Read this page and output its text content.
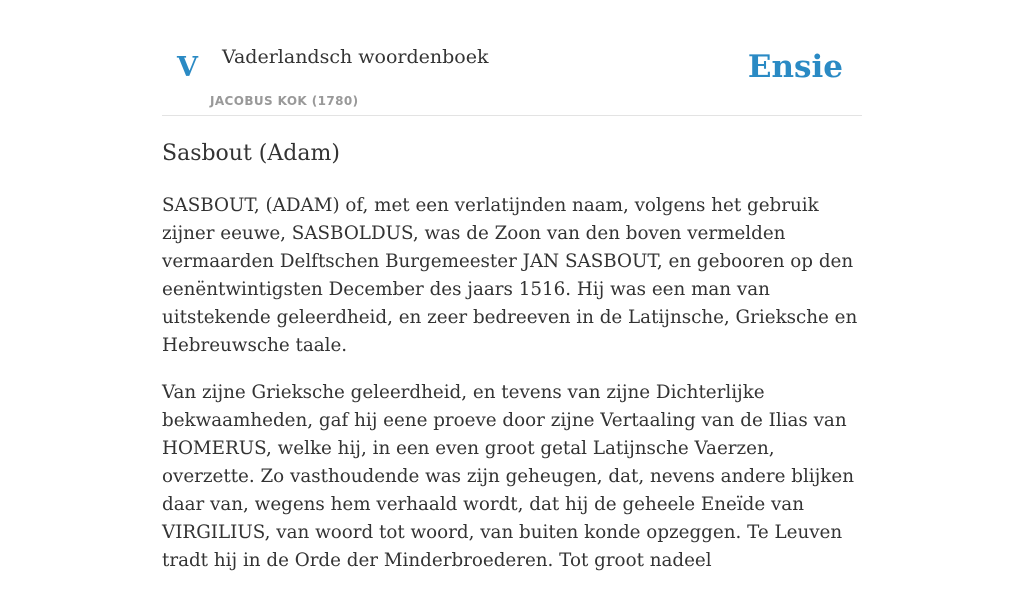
V Vaderlandsch woordenboek
JACOBUS KOK (1780)
Ensie
Sasbout (Adam)

SASBOUT, (ADAM) of, met een verlatijnden naam, volgens het gebruik zijner eeuwe, SASBOLDUS, was de Zoon van den boven vermelden vermaarden Delftschen Burgemeester JAN SASBOUT, en gebooren op den eenëntwintigsten December des jaars 1516. Hij was een man van uitstekende geleerdheid, en zeer bedreeven in de Latijnsche, Grieksche en Hebreuwsche taale.

Van zijne Grieksche geleerdheid, en tevens van zijne Dichterlijke bekwaamheden, gaf hij eene proeve door zijne Vertaaling van de Ilias van HOMERUS, welke hij, in een even groot getal Latijnsche Vaerzen, overzette. Zo vasthoudende was zijn geheugen, dat, nevens andere blijken daar van, wegens hem verhaald wordt, dat hij de geheele Eneïde van VIRGILIUS, van woord tot woord, van buiten konde opzeggen. Te Leuven tradt hij in de Orde der Minderbroederen. Tot groot nadeel
